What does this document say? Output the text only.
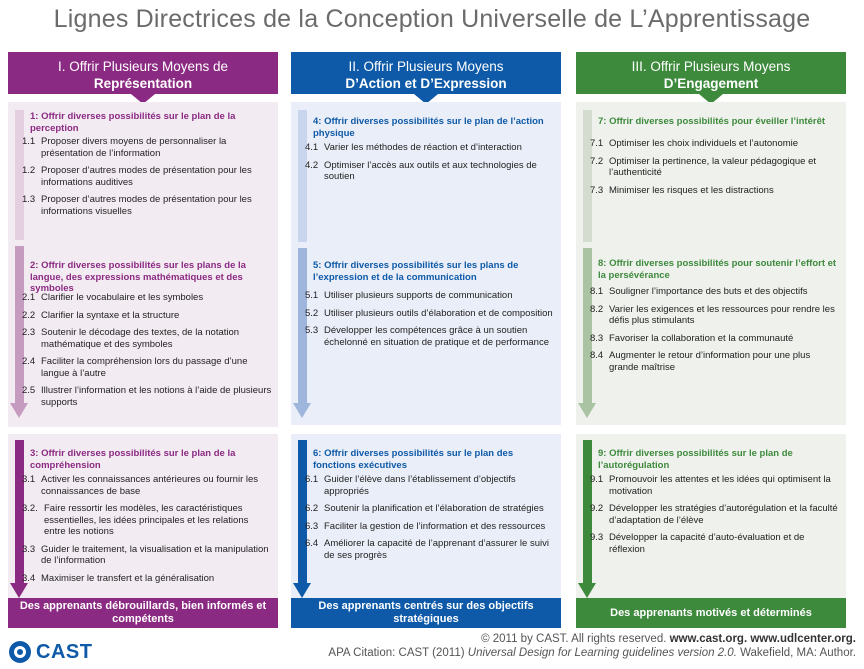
Lignes Directrices de la Conception Universelle de L’Apprentissage
I. Offrir Plusieurs Moyens de
Représentation
1: Offrir diverses possibilités sur le plan de la perception
1.1 Proposer divers moyens de personnaliser la présentation de l’information
1.2 Proposer d’autres modes de présentation pour les informations auditives
1.3 Proposer d’autres modes de présentation pour les informations visuelles
2: Offrir diverses possibilités sur les plans de la langue, des expressions mathématiques et des symboles
2.1 Clarifier le vocabulaire et les symboles
2.2 Clarifier la syntaxe et la structure
2.3 Soutenir le décodage des textes, de la notation mathématique et des symboles
2.4 Faciliter la compréhension lors du passage d’une langue à l’autre
2.5 Illustrer l’information et les notions à l’aide de plusieurs supports
3: Offrir diverses possibilités sur le plan de la compréhension
3.1 Activer les connaissances antérieures ou fournir les connaissances de base
3.2. Faire ressortir les modèles, les caractéristiques essentielles, les idées principales et les relations entre les notions
3.3 Guider le traitement, la visualisation et la manipulation de l’information
3.4 Maximiser le transfert et la généralisation
II. Offrir Plusieurs Moyens
D’Action et D’Expression
4: Offrir diverses possibilités sur le plan de l’action physique
4.1 Varier les méthodes de réaction et d’interaction
4.2 Optimiser l’accès aux outils et aux technologies de soutien
5: Offrir diverses possibilités sur les plans de l’expression et de la communication
5.1 Utiliser plusieurs supports de communication
5.2 Utiliser plusieurs outils d’élaboration et de composition
5.3 Développer les compétences grâce à un soutien échelonné en situation de pratique et de performance
6: Offrir diverses possibilités sur le plan des fonctions exécutives
6.1 Guider l’élève dans l’établissement d’objectifs appropriés
6.2 Soutenir la planification et l’élaboration de stratégies
6.3 Faciliter la gestion de l’information et des ressources
6.4 Améliorer la capacité de l’apprenant d’assurer le suivi de ses progrès
III. Offrir Plusieurs Moyens
D’Engagement
7: Offrir diverses possibilités pour éveiller l’intérêt
7.1 Optimiser les choix individuels et l’autonomie
7.2 Optimiser la pertinence, la valeur pédagogique et l’authenticité
7.3 Minimiser les risques et les distractions
8: Offrir diverses possibilités pour soutenir l’effort et la persévérance
8.1 Souligner l’importance des buts et des objectifs
8.2 Varier les exigences et les ressources pour rendre les défis plus stimulants
8.3 Favoriser la collaboration et la communauté
8.4 Augmenter le retour d’information pour une plus grande maîtrise
9: Offrir diverses possibilités sur le plan de l’autorégulation
9.1 Promouvoir les attentes et les idées qui optimisent la motivation
9.2 Développer les stratégies d’autorégulation et la faculté d’adaptation de l’élève
9.3 Développer la capacité d’auto-évaluation et de réflexion
Des apprenants débrouillards, bien informés et compétents
Des apprenants centrés sur des objectifs stratégiques
Des apprenants motivés et déterminés
CAST
© 2011 by CAST. All rights reserved. www.cast.org. www.udlcenter.org.
APA Citation: CAST (2011) Universal Design for Learning guidelines version 2.0. Wakefield, MA: Author.
